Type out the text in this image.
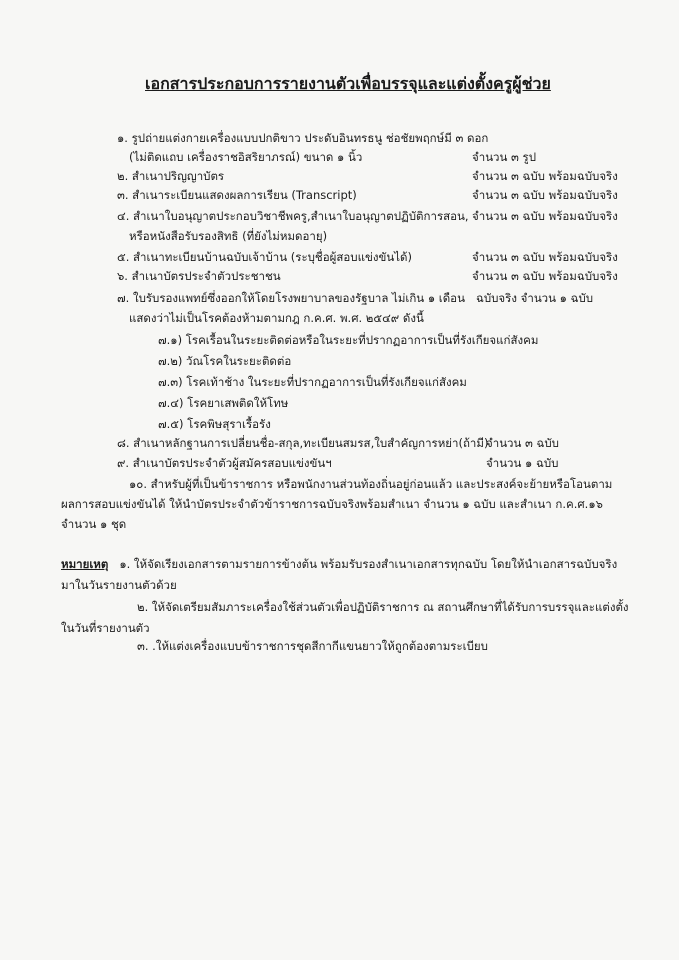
เอกสารประกอบการรายงานตัวเพื่อบรรจุและแต่งตั้งครูผู้ช่วย
๑. รูปถ่ายแต่งกายเครื่องแบบปกติขาว ประดับอินทรธนู ช่อชัยพฤกษ์มี ๓ ดอก
(ไม่ติดแถบ เครื่องราชอิสริยาภรณ์) ขนาด ๑ นิ้ว	จำนวน ๓ รูป
๒. สำเนาปริญญาบัตร	จำนวน ๓ ฉบับ พร้อมฉบับจริง
๓. สำเนาระเบียนแสดงผลการเรียน (Transcript)	จำนวน ๓ ฉบับ พร้อมฉบับจริง
๔. สำเนาใบอนุญาตประกอบวิชาชีพครู,สำเนาใบอนุญาตปฏิบัติการสอน,
หรือหนังสือรับรองสิทธิ (ที่ยังไม่หมดอายุ)
จำนวน ๓ ฉบับ พร้อมฉบับจริง
๕. สำเนาทะเบียนบ้านฉบับเจ้าบ้าน (ระบุชื่อผู้สอบแข่งขันได้)	จำนวน ๓ ฉบับ พร้อมฉบับจริง
๖. สำเนาบัตรประจำตัวประชาชน	จำนวน ๓ ฉบับ พร้อมฉบับจริง
๗. ใบรับรองแพทย์ซึ่งออกให้โดยโรงพยาบาลของรัฐบาล ไม่เกิน ๑ เดือน
แสดงว่าไม่เป็นโรคต้องห้ามตามกฎ ก.ค.ศ. พ.ศ. ๒๕๔๙ ดังนี้
ฉบับจริง จำนวน ๑ ฉบับ
๗.๑) โรคเรื้อนในระยะติดต่อหรือในระยะที่ปรากฏอาการเป็นที่รังเกียจแก่สังคม
๗.๒) วัณโรคในระยะติดต่อ
๗.๓) โรคเท้าช้าง ในระยะที่ปรากฏอาการเป็นที่รังเกียจแก่สังคม
๗.๔) โรคยาเสพติดให้โทษ
๗.๕) โรคพิษสุราเรื้อรัง
๘. สำเนาหลักฐานการเปลี่ยนชื่อ-สกุล,ทะเบียนสมรส,ใบสำคัญการหย่า(ถ้ามี)
จำนวน ๓ ฉบับ
๙. สำเนาบัตรประจำตัวผู้สมัครสอบแข่งขันฯ	จำนวน ๑ ฉบับ
๑๐. สำหรับผู้ที่เป็นข้าราชการ หรือพนักงานส่วนท้องถิ่นอยู่ก่อนแล้ว และประสงค์จะย้ายหรือโอนตาม
ผลการสอบแข่งขันได้ ให้นำบัตรประจำตัวข้าราชการฉบับจริงพร้อมสำเนา จำนวน ๑ ฉบับ และสำเนา ก.ค.ศ.๑๖
จำนวน ๑ ชุด
หมายเหตุ ๑. ให้จัดเรียงเอกสารตามรายการข้างต้น พร้อมรับรองสำเนาเอกสารทุกฉบับ โดยให้นำเอกสารฉบับจริง
มาในวันรายงานตัวด้วย
๒. ให้จัดเตรียมสัมภาระเครื่องใช้ส่วนตัวเพื่อปฏิบัติราชการ ณ สถานศึกษาที่ได้รับการบรรจุและแต่งตั้ง
ในวันที่รายงานตัว
๓. .ให้แต่งเครื่องแบบข้าราชการชุดสีกากีแขนยาวให้ถูกต้องตามระเบียบ
